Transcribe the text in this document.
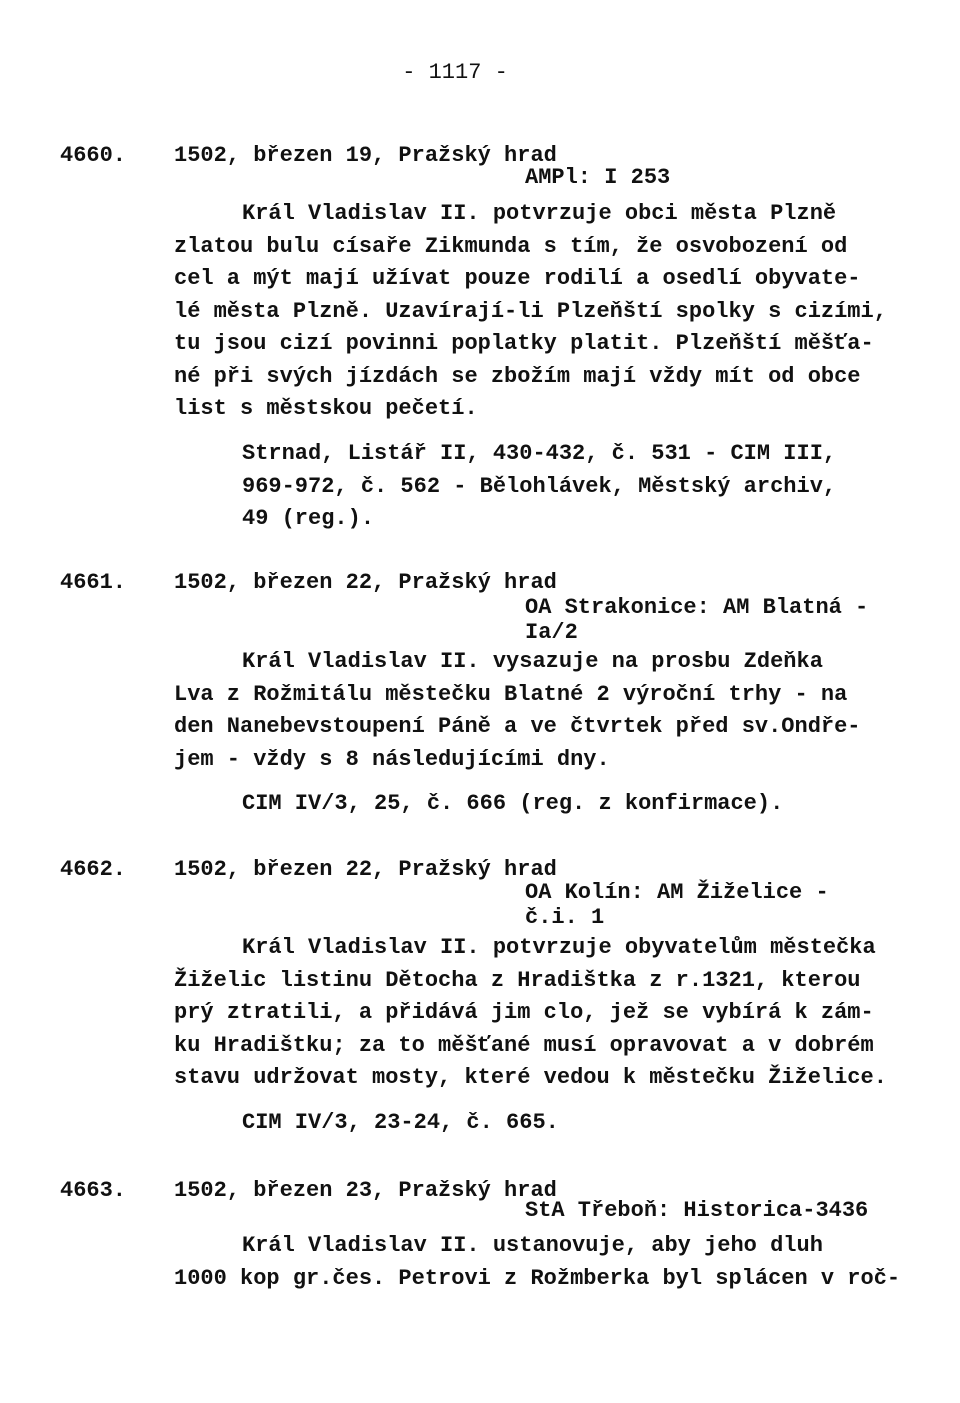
- 1117 -
4660. 1502, březen 19, Pražský hrad
AMPl: I 253
Král Vladislav II. potvrzuje obci města Plzně
zlatou bulu císaře Zikmunda s tím, že osvobození od
cel a mýt mají užívat pouze rodilí a osedlí obyvate-
lé města Plzně. Uzavírají-li Plzeňští spolky s cizími,
tu jsou cizí povinni poplatky platit. Plzeňští měšťa-
né při svých jízdách se zbožím mají vždy mít od obce
list s městskou pečetí.
Strnad, Listář II, 430-432, č. 531 - CIM III,
969-972, č. 562 - Bělohlávek, Městský archiv,
49 (reg.).
4661. 1502, březen 22, Pražský hrad
OA Strakonice: AM Blatná -
Ia/2
Král Vladislav II. vysazuje na prosbu Zdeňka
Lva z Rožmitálu městečku Blatné 2 výroční trhy - na
den Nanebevstoupení Páně a ve čtvrtek před sv.Ondře-
jem - vždy s 8 následujícími dny.
CIM IV/3, 25, č. 666 (reg. z konfirmace).
4662. 1502, březen 22, Pražský hrad
OA Kolín: AM Žiželice -
č.i. 1
Král Vladislav II. potvrzuje obyvatelům městečka
Žiželic listinu Dětocha z Hradištka z r.1321, kterou
prý ztratili, a přidává jim clo, jež se vybírá k zám-
ku Hradištku; za to měšťané musí opravovat a v dobrém
stavu udržovat mosty, které vedou k městečku Žiželice.
CIM IV/3, 23-24, č. 665.
4663. 1502, březen 23, Pražský hrad
StA Třeboň: Historica-3436
Král Vladislav II. ustanovuje, aby jeho dluh
1000 kop gr.čes. Petrovi z Rožmberka byl splácen v roč-
